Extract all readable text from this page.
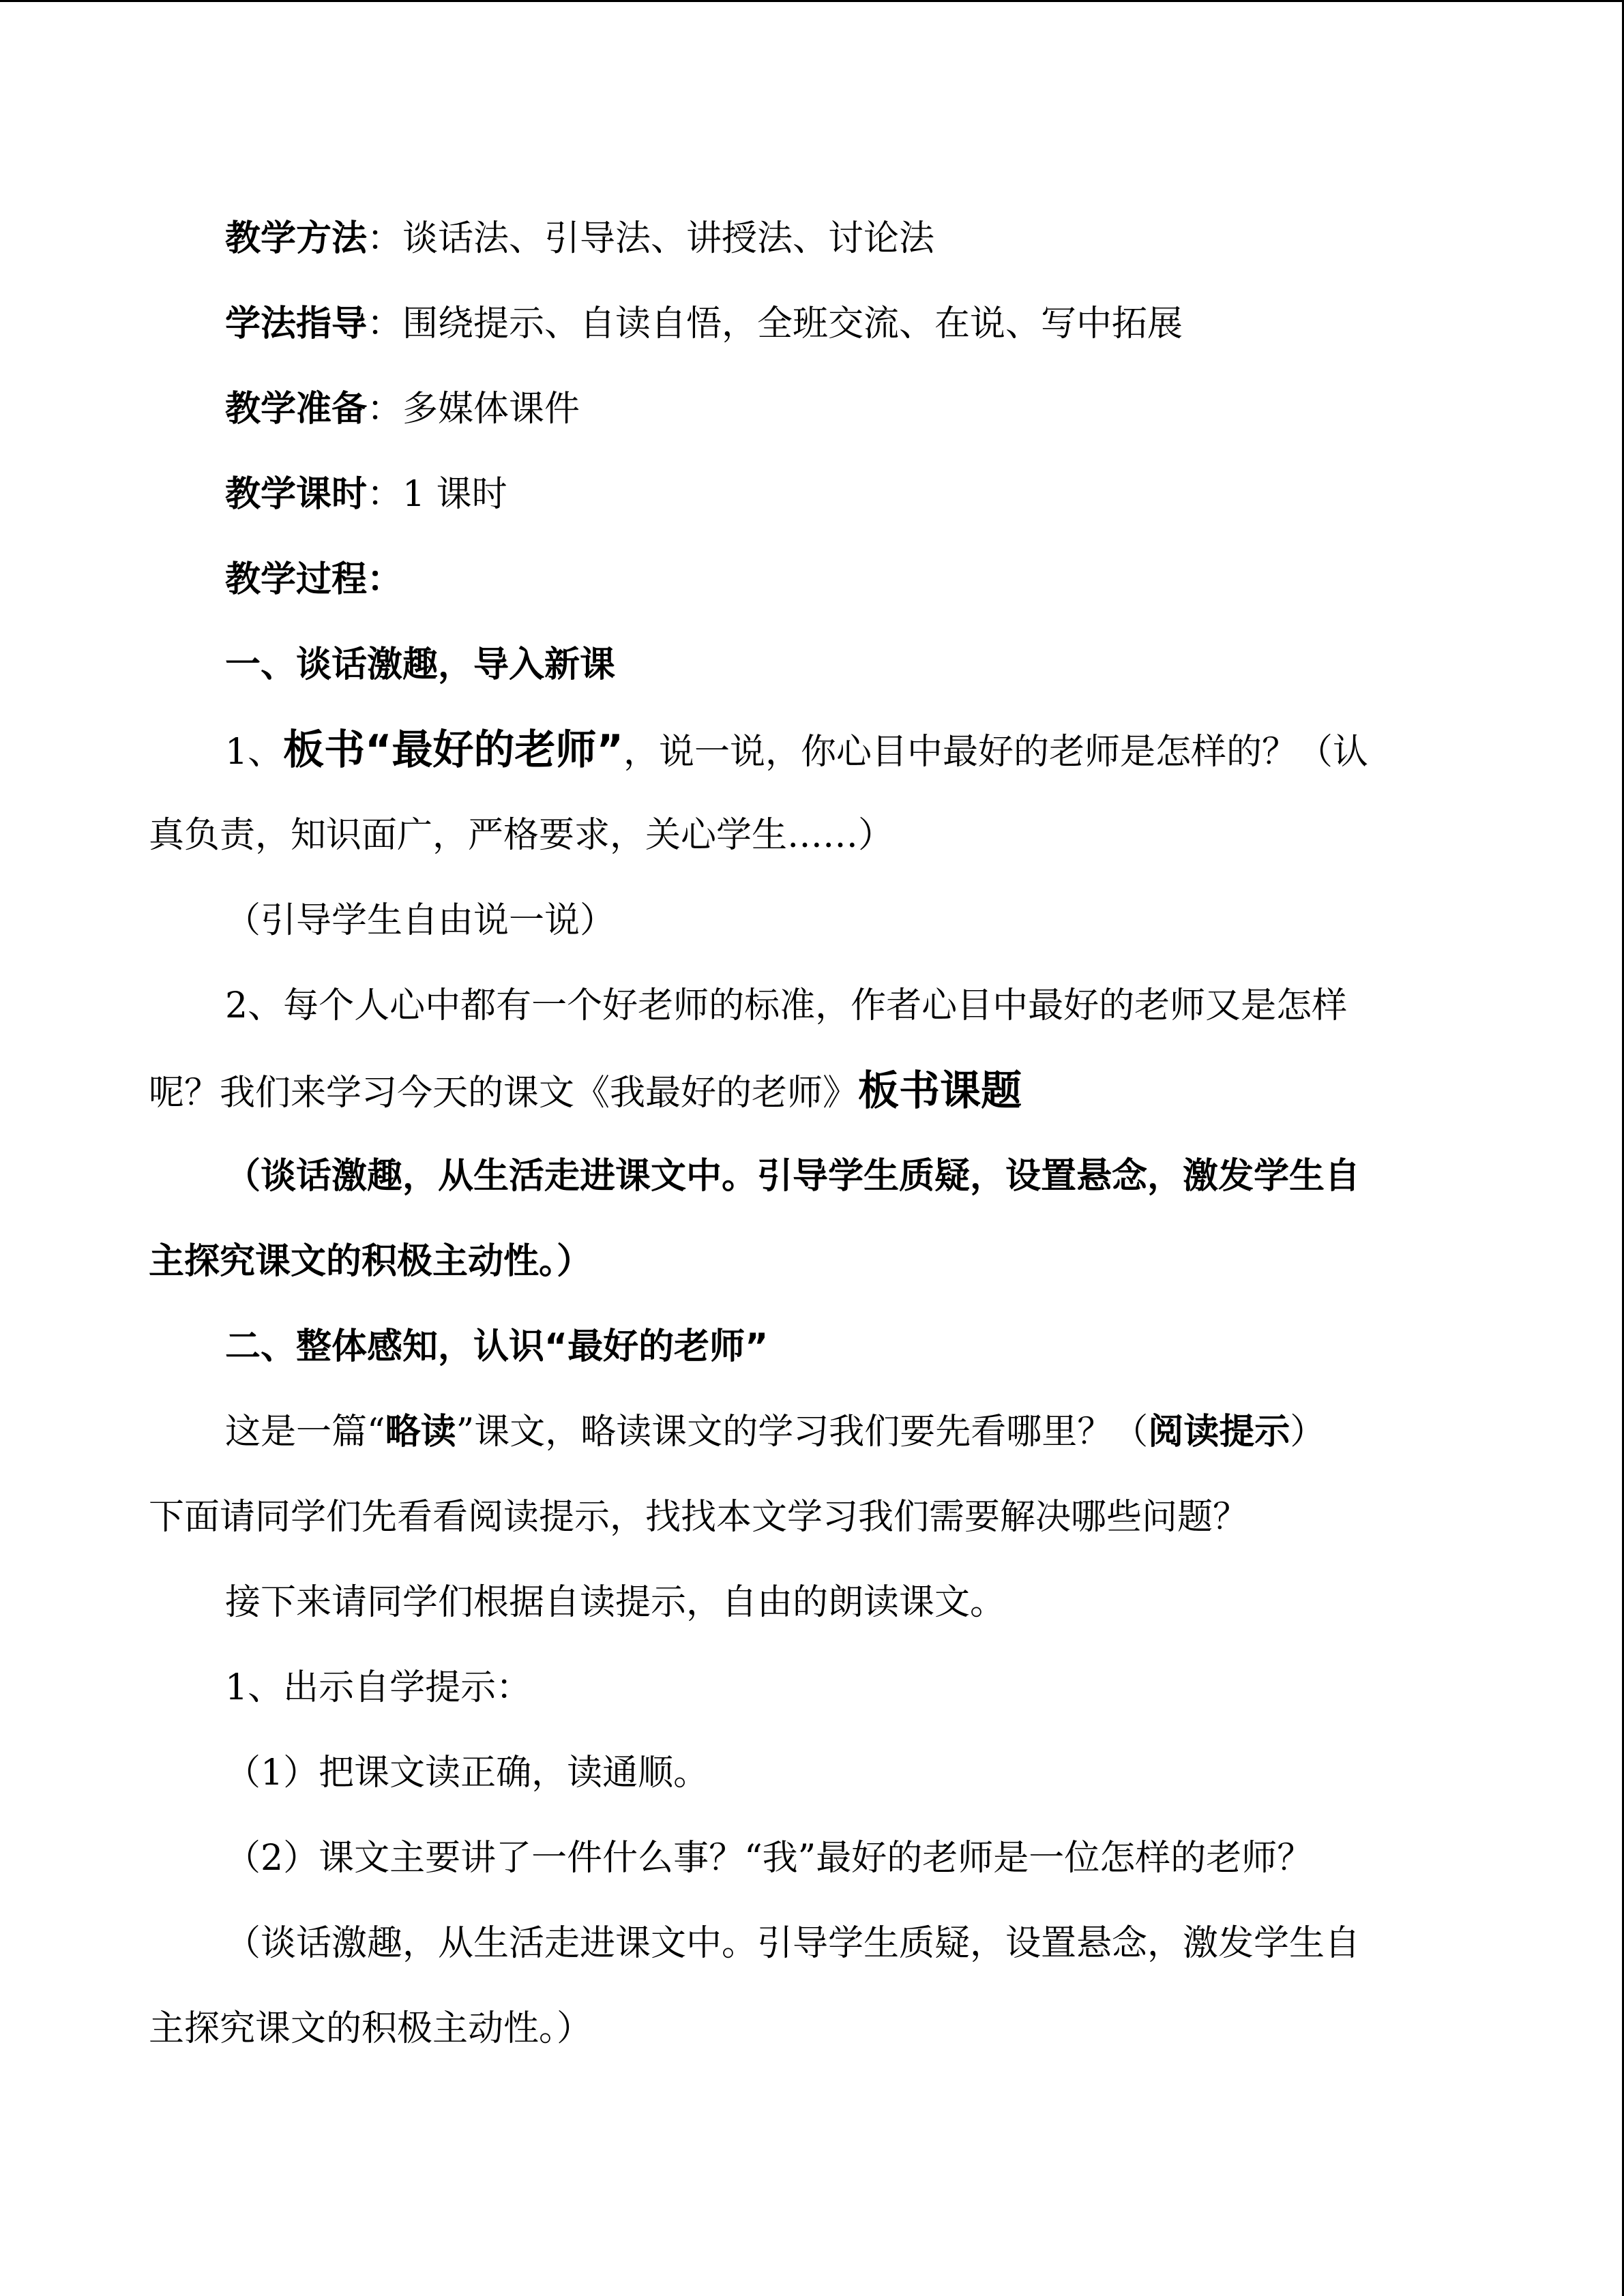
教学方法：谈话法、引导法、讲授法、讨论法
学法指导：围绕提示、自读自悟，全班交流、在说、写中拓展
教学准备：多媒体课件
教学课时：1 课时
教学过程：
一、谈话激趣，导入新课
1、板书“最好的老师”，说一说，你心目中最好的老师是怎样的？（认
真负责，知识面广，严格要求，关心学生……）
（引导学生自由说一说）
2、每个人心中都有一个好老师的标准，作者心目中最好的老师又是怎样
呢？我们来学习今天的课文《我最好的老师》板书课题
（谈话激趣，从生活走进课文中。引导学生质疑，设置悬念，激发学生自
主探究课文的积极主动性。）
二、整体感知，认识“最好的老师”
这是一篇“略读”课文，略读课文的学习我们要先看哪里？（阅读提示）
下面请同学们先看看阅读提示，找找本文学习我们需要解决哪些问题？
接下来请同学们根据自读提示，自由的朗读课文。
1、出示自学提示：
（1）把课文读正确，读通顺。
（2）课文主要讲了一件什么事？“我”最好的老师是一位怎样的老师？
（谈话激趣，从生活走进课文中。引导学生质疑，设置悬念，激发学生自
主探究课文的积极主动性。）
